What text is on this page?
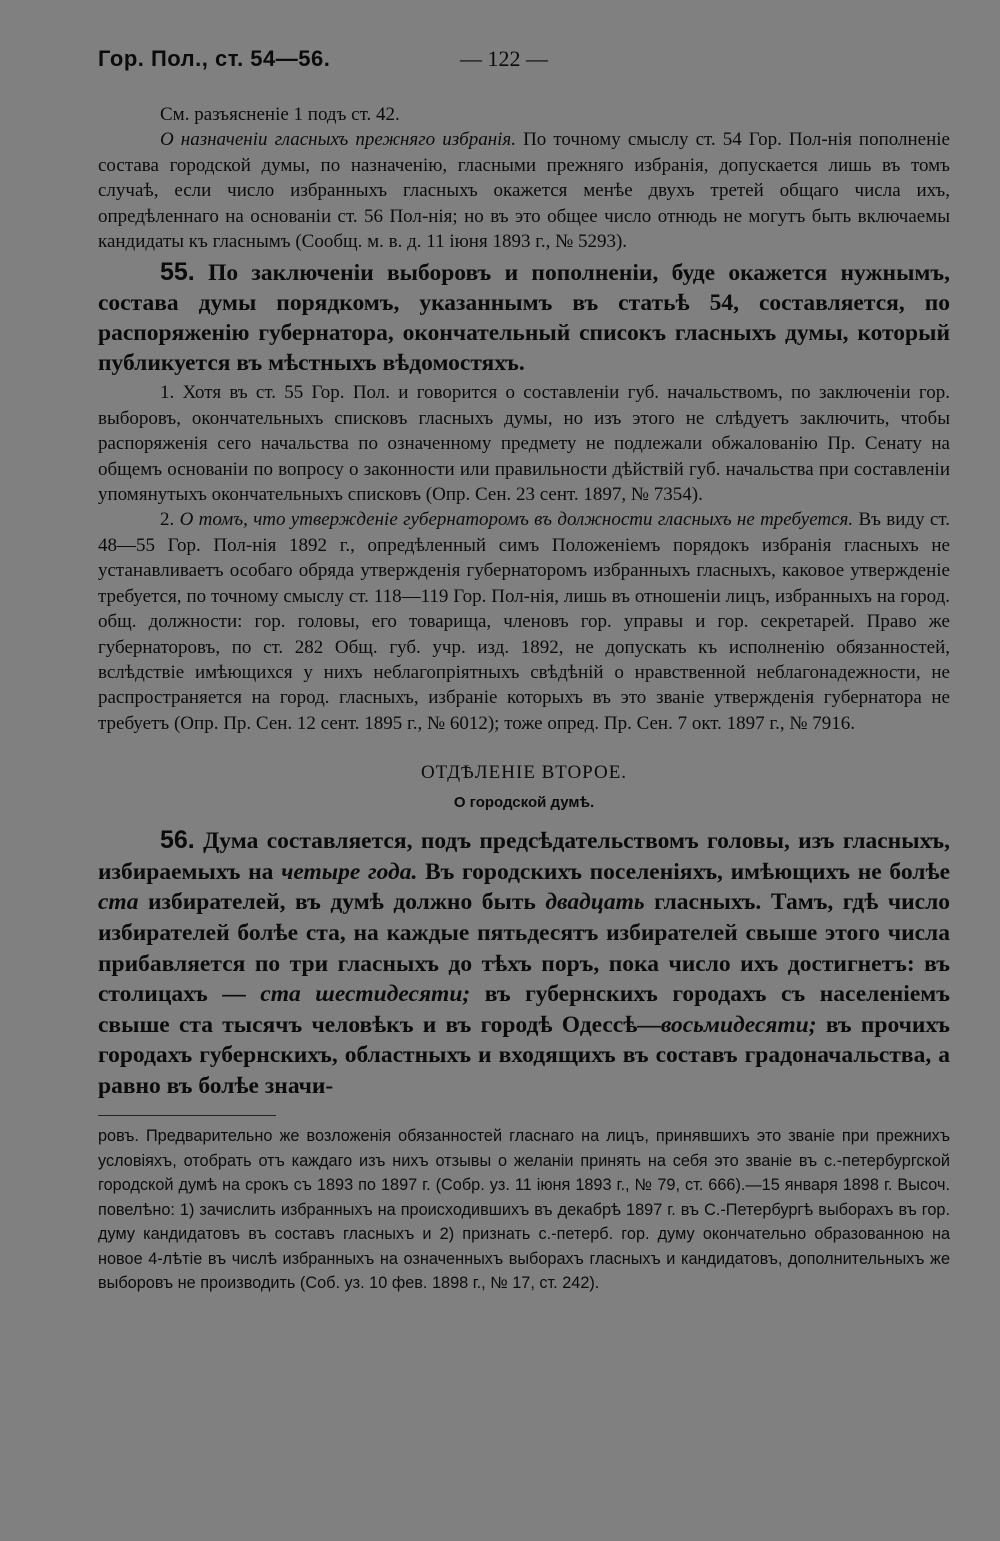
Гор. Пол., ст. 54—56.	— 122 —

См. разъясненіе 1 подъ ст. 42.

О назначеніи гласныхъ прежняго избранія. По точному смыслу ст. 54 Гор. Пол-нія пополненіе состава городской думы, по назначенію, гласными прежняго избранія, допускается лишь въ томъ случаѣ, если число избранныхъ гласныхъ окажется менѣе двухъ третей общаго числа ихъ, опредѣленнаго на основаніи ст. 56 Пол-нія; но въ это общее число отнюдь не могутъ быть включаемы кандидаты къ гласнымъ (Сообщ. м. в. д. 11 іюня 1893 г., № 5293).

55. По заключеніи выборовъ и пополненіи, буде окажется нужнымъ, состава думы порядкомъ, указаннымъ въ статьѣ 54, составляется, по распоряженію губернатора, окончательный списокъ гласныхъ думы, который публикуется въ мѣстныхъ вѣдомостяхъ.

1. Хотя въ ст. 55 Гор. Пол. и говорится о составленіи губ. начальствомъ, по заключеніи гор. выборовъ, окончательныхъ списковъ гласныхъ думы, но изъ этого не слѣдуетъ заключить, чтобы распоряженія сего начальства по означенному предмету не подлежали обжалованію Пр. Сенату на общемъ основаніи по вопросу о законности или правильности дѣйствій губ. начальства при составленіи упомянутыхъ окончательныхъ списковъ (Опр. Сен. 23 сент. 1897, № 7354).

2. О томъ, что утвержденіе губернаторомъ въ должности гласныхъ не требуется. Въ виду ст. 48—55 Гор. Пол-нія 1892 г., опредѣленный симъ Положеніемъ порядокъ избранія гласныхъ не устанавливаетъ особаго обряда утвержденія губернаторомъ избранныхъ гласныхъ, каковое утвержденіе требуется, по точному смыслу ст. 118—119 Гор. Пол-нія, лишь въ отношеніи лицъ, избранныхъ на город. общ. должности: гор. головы, его товарища, членовъ гор. управы и гор. секретарей. Право же губернаторовъ, по ст. 282 Общ. губ. учр. изд. 1892, не допускать къ исполненію обязанностей, вслѣдствіе имѣющихся у нихъ неблагопріятныхъ свѣдѣній о нравственной неблагонадежности, не распространяется на город. гласныхъ, избраніе которыхъ въ это званіе утвержденія губернатора не требуетъ (Опр. Пр. Сен. 12 сент. 1895 г., № 6012); тоже опред. Пр. Сен. 7 окт. 1897 г., № 7916.

ОТДѢЛЕНІЕ ВТОРОЕ.

О городской думѣ.

56. Дума составляется, подъ предсѣдательствомъ головы, изъ гласныхъ, избираемыхъ на четыре года. Въ городскихъ поселеніяхъ, имѣющихъ не болѣе ста избирателей, въ думѣ должно быть двадцать гласныхъ. Тамъ, гдѣ число избирателей болѣе ста, на каждые пятьдесятъ избирателей свыше этого числа прибавляется по три гласныхъ до тѣхъ поръ, пока число ихъ достигнетъ: въ столицахъ — ста шестидесяти; въ губернскихъ городахъ съ населеніемъ свыше ста тысячъ человѣкъ и въ городѣ Одессѣ—восьмидесяти; въ прочихъ городахъ губернскихъ, областныхъ и входящихъ въ составъ градоначальства, а равно въ болѣе значи-

ровъ. Предварительно же возложенія обязанностей гласнаго на лицъ, принявшихъ это званіе при прежнихъ условіяхъ, отобрать отъ каждаго изъ нихъ отзывы о желаніи принять на себя это званіе въ с.-петербургской городской думѣ на срокъ съ 1893 по 1897 г. (Собр. уз. 11 іюня 1893 г., № 79, ст. 666).—15 января 1898 г. Высоч. повелѣно: 1) зачислить избранныхъ на происходившихъ въ декабрѣ 1897 г. въ С.-Петербургѣ выборахъ въ гор. думу кандидатовъ въ составъ гласныхъ и 2) признать с.-петерб. гор. думу окончательно образованною на новое 4-лѣтіе въ числѣ избранныхъ на означенныхъ выборахъ гласныхъ и кандидатовъ, дополнительныхъ же выборовъ не производить (Соб. уз. 10 фев. 1898 г., № 17, ст. 242).
